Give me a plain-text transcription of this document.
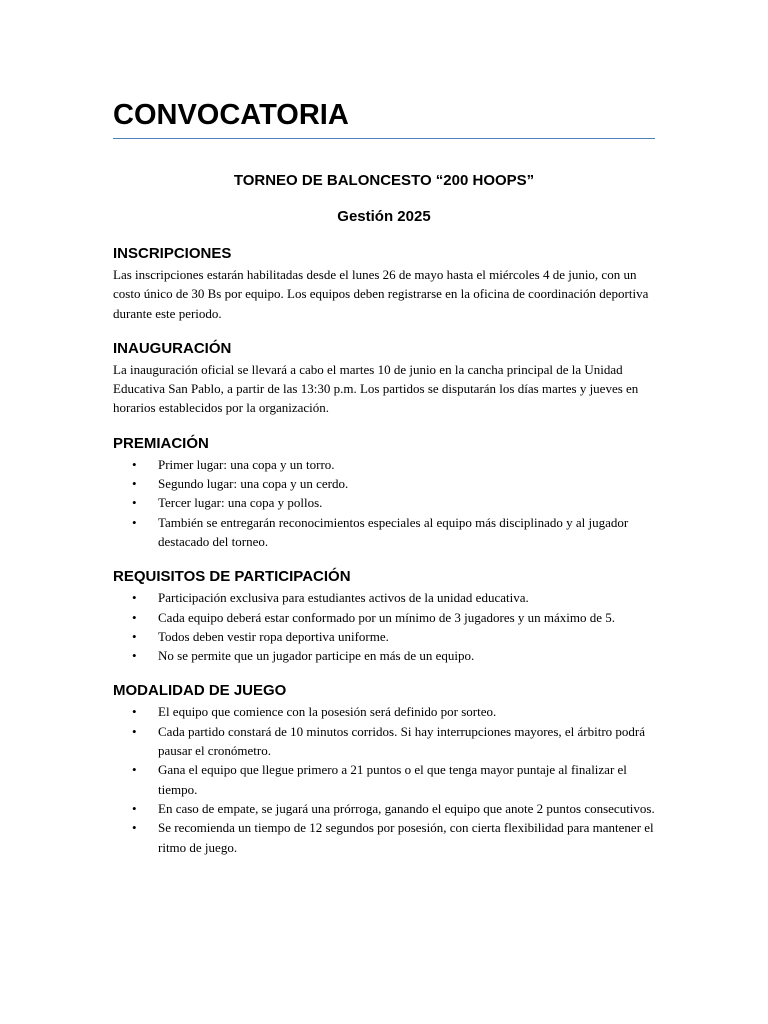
CONVOCATORIA

TORNEO DE BALONCESTO “200 HOOPS”

Gestión 2025

INSCRIPCIONES

Las inscripciones estarán habilitadas desde el lunes 26 de mayo hasta el miércoles 4 de junio, con un costo único de 30 Bs por equipo. Los equipos deben registrarse en la oficina de coordinación deportiva durante este periodo.

INAUGURACIÓN

La inauguración oficial se llevará a cabo el martes 10 de junio en la cancha principal de la Unidad Educativa San Pablo, a partir de las 13:30 p.m. Los partidos se disputarán los días martes y jueves en horarios establecidos por la organización.

PREMIACIÓN
• Primer lugar: una copa y un torro.
• Segundo lugar: una copa y un cerdo.
• Tercer lugar: una copa y pollos.
• También se entregarán reconocimientos especiales al equipo más disciplinado y al jugador destacado del torneo.
REQUISITOS DE PARTICIPACIÓN
• Participación exclusiva para estudiantes activos de la unidad educativa.
• Cada equipo deberá estar conformado por un mínimo de 3 jugadores y un máximo de 5.
• Todos deben vestir ropa deportiva uniforme.
• No se permite que un jugador participe en más de un equipo.
MODALIDAD DE JUEGO
• El equipo que comience con la posesión será definido por sorteo.
• Cada partido constará de 10 minutos corridos. Si hay interrupciones mayores, el árbitro podrá pausar el cronómetro.
• Gana el equipo que llegue primero a 21 puntos o el que tenga mayor puntaje al finalizar el tiempo.
• En caso de empate, se jugará una prórroga, ganando el equipo que anote 2 puntos consecutivos.
• Se recomienda un tiempo de 12 segundos por posesión, con cierta flexibilidad para mantener el ritmo de juego.
